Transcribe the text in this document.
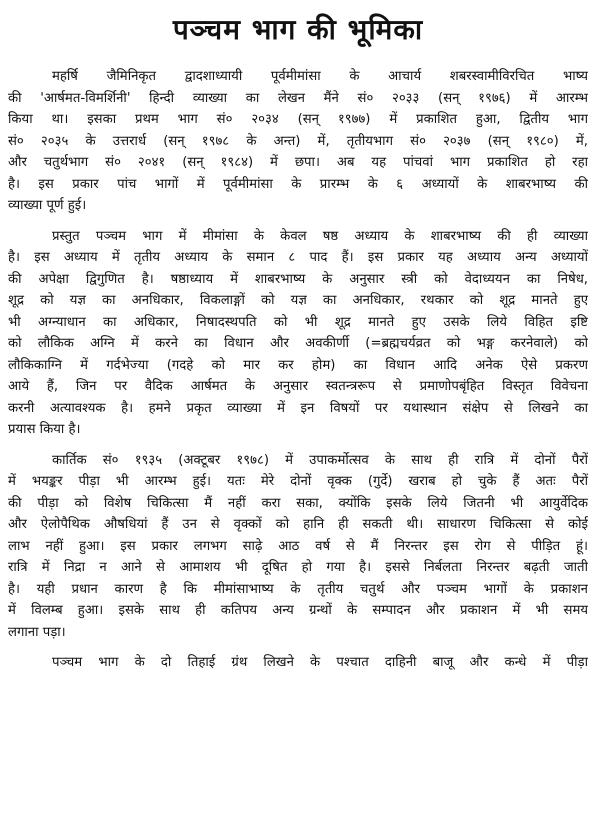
पञ्चम भाग की भूमिका
महर्षि जैमिनिकृत द्वादशाध्यायी पूर्वमीमांसा के आचार्य शबरस्वामीविरचित भाष्य
की 'आर्षमत-विमर्शिनी' हिन्दी व्याख्या का लेखन मैंने सं० २०३३ (सन् १९७६) में आरम्भ
किया था। इसका प्रथम भाग सं० २०३४ (सन् १९७७) में प्रकाशित हुआ, द्वितीय भाग
सं० २०३५ के उत्तरार्ध (सन् १९७८ के अन्त) में, तृतीयभाग सं० २०३७ (सन् १९८०) में,
और चतुर्थभाग सं० २०४१ (सन् १९८४) में छपा। अब यह पांचवां भाग प्रकाशित हो रहा
है। इस प्रकार पांच भागों में पूर्वमीमांसा के प्रारम्भ के ६ अध्यायों के शाबरभाष्य की
व्याख्या पूर्ण हुई।
प्रस्तुत पञ्चम भाग में मीमांसा के केवल षष्ठ अध्याय के शाबरभाष्य की ही व्याख्या
है। इस अध्याय में तृतीय अध्याय के समान ८ पाद हैं। इस प्रकार यह अध्याय अन्य अध्यायों
की अपेक्षा द्विगुणित है। षष्ठाध्याय में शाबरभाष्य के अनुसार स्त्री को वेदाध्ययन का निषेध,
शूद्र को यज्ञ का अनधिकार, विकलाङ्गों को यज्ञ का अनधिकार, रथकार को शूद्र मानते हुए
भी अग्न्याधान का अधिकार, निषादस्थपति को भी शूद्र मानते हुए उसके लिये विहित इष्टि
को लौकिक अग्नि में करने का विधान और अवकीर्णी (=ब्रह्मचर्यव्रत को भङ्ग करनेवाले) को
लौकिकाग्नि में गर्दभेज्या (गदहे को मार कर होम) का विधान आदि अनेक ऐसे प्रकरण
आये हैं, जिन पर वैदिक आर्षमत के अनुसार स्वतन्त्ररूप से प्रमाणोपबृंहित विस्तृत विवेचना
करनी अत्यावश्यक है। हमने प्रकृत व्याख्या में इन विषयों पर यथास्थान संक्षेप से लिखने का
प्रयास किया है।
कार्तिक सं० १९३५ (अक्टूबर १९७८) में उपाकर्मोत्सव के साथ ही रात्रि में दोनों पैरों
में भयङ्कर पीड़ा भी आरम्भ हुई। यतः मेरे दोनों वृक्क (गुर्दे) खराब हो चुके हैं अतः पैरों
की पीड़ा को विशेष चिकित्सा मैं नहीं करा सका, क्योंकि इसके लिये जितनी भी आयुर्वेदिक
और ऐलोपैथिक औषधियां हैं उन से वृक्कों को हानि ही सकती थी। साधारण चिकित्सा से कोई
लाभ नहीं हुआ। इस प्रकार लगभग साढ़े आठ वर्ष से मैं निरन्तर इस रोग से पीड़ित हूं।
रात्रि में निद्रा न आने से आमाशय भी दूषित हो गया है। इससे निर्बलता निरन्तर बढ़ती जाती
है। यही प्रधान कारण है कि मीमांसाभाष्य के तृतीय चतुर्थ और पञ्चम भागों के प्रकाशन
में विलम्ब हुआ। इसके साथ ही कतिपय अन्य ग्रन्थों के सम्पादन और प्रकाशन में भी समय
लगाना पड़ा।
पञ्चम भाग के दो तिहाई ग्रंथ लिखने के पश्चात दाहिनी बाजू और कन्धे में पीड़ा
